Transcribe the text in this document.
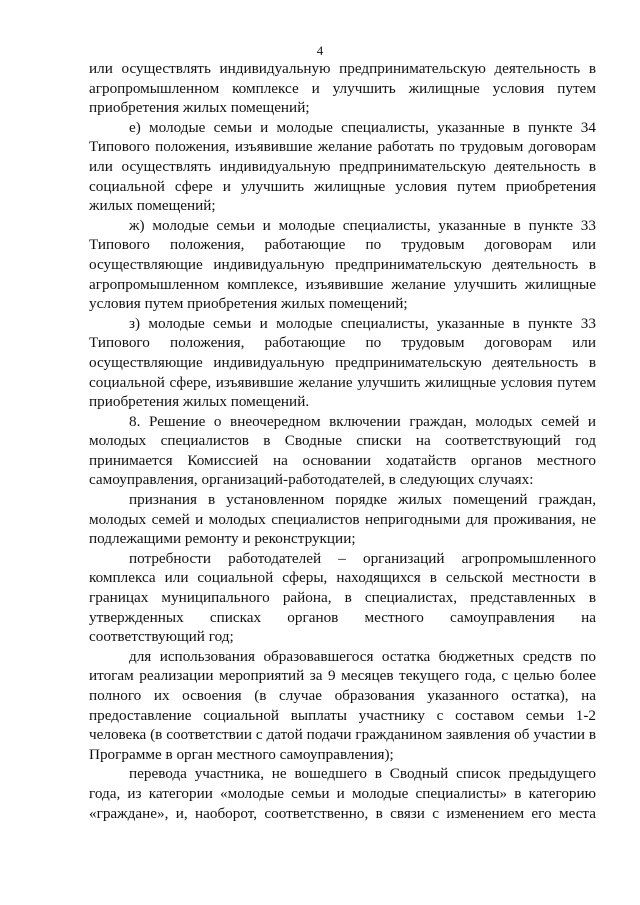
4

или осуществлять индивидуальную предпринимательскую деятельность в агропромышленном комплексе и улучшить жилищные условия путем приобретения жилых помещений;

е) молодые семьи и молодые специалисты, указанные в пункте 34 Типового положения, изъявившие желание работать по трудовым договорам или осуществлять индивидуальную предпринимательскую деятельность в социальной сфере и улучшить жилищные условия путем приобретения жилых помещений;

ж) молодые семьи и молодые специалисты, указанные в пункте 33 Типового положения, работающие по трудовым договорам или осуществляющие индивидуальную предпринимательскую деятельность в агропромышленном комплексе, изъявившие желание улучшить жилищные условия путем приобретения жилых помещений;

з) молодые семьи и молодые специалисты, указанные в пункте 33 Типового положения, работающие по трудовым договорам или осуществляющие индивидуальную предпринимательскую деятельность в социальной сфере, изъявившие желание улучшить жилищные условия путем приобретения жилых помещений.

8. Решение о внеочередном включении граждан, молодых семей и молодых специалистов в Сводные списки на соответствующий год принимается Комиссией на основании ходатайств органов местного самоуправления, организаций-работодателей, в следующих случаях:

признания в установленном порядке жилых помещений граждан, молодых семей и молодых специалистов непригодными для проживания, не подлежащими ремонту и реконструкции;

потребности работодателей – организаций агропромышленного комплекса или социальной сферы, находящихся в сельской местности в границах муниципального района, в специалистах, представленных в утвержденных списках органов местного самоуправления на соответствующий год;

для использования образовавшегося остатка бюджетных средств по итогам реализации мероприятий за 9 месяцев текущего года, с целью более полного их освоения (в случае образования указанного остатка), на предоставление социальной выплаты участнику с составом семьи 1-2 человека (в соответствии с датой подачи гражданином заявления об участии в Программе в орган местного самоуправления);

перевода участника, не вошедшего в Сводный список предыдущего года, из категории «молодые семьи и молодые специалисты» в категорию «граждане», и, наоборот, соответственно, в связи с изменением его места
